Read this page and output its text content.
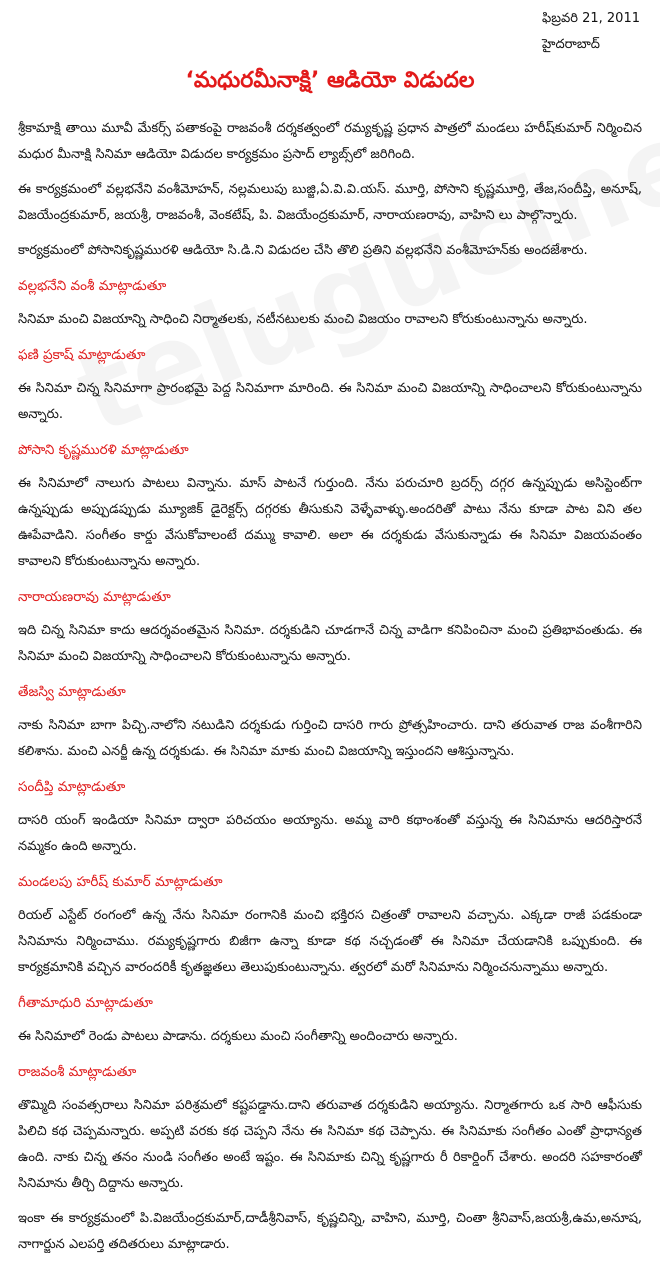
ఫిబ్రవరి 21, 2011
హైదరాబాద్
‘మధురమీనాక్షి’ ఆడియో విడుదల

శ్రీకామాక్షి తాయి మూవీ మేకర్స్ పతాకంపై రాజవంశీ దర్శకత్వంలో రమ్యకృష్ణ ప్రధాన పాత్రలో మండలు హరీష్‌కుమార్ నిర్మించిన మధుర మీనాక్షి సినిమా ఆడియో విడుదల కార్యక్రమం ప్రసాద్ ల్యాబ్స్‌లో జరిగింది.

ఈ కార్యక్రమంలో వల్లభనేని వంశీమోహన్, నల్లమలుపు బుజ్జి,ఏ.వి.వి.యస్. మూర్తి, పోసాని కృష్ణమూర్తి, తేజ,సందీప్తి, అనూష్, విజయేంద్రకుమార్, జయశ్రీ, రాజవంశీ, వెంకటేష్, పి. విజయేంద్రకుమార్, నారాయణరావు, వాహిని లు పాల్గొన్నారు.

కార్యక్రమంలో పోసానికృష్ణమురళి ఆడియో సి.డి.ని విడుదల చేసి తొలి ప్రతిని వల్లభనేని వంశీమోహన్‌కు అందజేశారు.

వల్లభనేని వంశీ మాట్లాడుతూ

సినిమా మంచి విజయాన్ని సాధించి నిర్మాతలకు, నటీనటులకు మంచి విజయం రావాలని కోరుకుంటున్నాను అన్నారు.

ఫణి ప్రకాష్ మాట్లాడుతూ

ఈ సినిమా చిన్న సినిమాగా ప్రారంభమై పెద్ద సినిమాగా మారింది. ఈ సినిమా మంచి విజయాన్ని సాధించాలని కోరుకుంటున్నాను అన్నారు.

పోసాని కృష్ణమురళి మాట్లాడుతూ

ఈ సినిమాలో నాలుగు పాటలు విన్నాను. మాస్ పాటనే గుర్తుంది. నేను పరుచూరి బ్రదర్స్ దగ్గర ఉన్నప్పుడు అసిస్టెంట్‌గా ఉన్నప్పుడు అప్పుడప్పుడు మ్యూజిక్ డైరెక్టర్స్ దగ్గరకు తీసుకుని వెళ్ళేవాళ్ళు.అందరితో పాటు నేను కూడా పాట విని తల ఊపేవాడిని. సంగీతం కార్డు వేసుకోవాలంటే దమ్ము కావాలి. అలా ఈ దర్శకుడు వేసుకున్నాడు ఈ సినిమా విజయవంతం కావాలని కోరుకుంటున్నాను అన్నారు.

నారాయణరావు మాట్లాడుతూ

ఇది చిన్న సినిమా కాదు ఆదర్శవంతమైన సినిమా. దర్శకుడిని చూడగానే చిన్న వాడిగా కనిపించినా మంచి ప్రతిభావంతుడు. ఈ సినిమా మంచి విజయాన్ని సాధించాలని కోరుకుంటున్నాను అన్నారు.

తేజస్వి మాట్లాడుతూ

నాకు సినిమా బాగా పిచ్చి.నాలోని నటుడిని దర్శకుడు గుర్తించి దాసరి గారు ప్రోత్సహించారు. దాని తరువాత రాజ వంశీగారిని కలిశాను. మంచి ఎనర్జీ ఉన్న దర్శకుడు. ఈ సినిమా మాకు మంచి విజయాన్ని ఇస్తుందని ఆశిస్తున్నాను.

సందీప్తి మాట్లాడుతూ

దాసరి యంగ్ ఇండియా సినిమా ద్వారా పరిచయం అయ్యాను. అమ్మ వారి కథాంశంతో వస్తున్న ఈ సినిమాను ఆదరిస్తారనే నమ్మకం ఉంది అన్నారు.

మండలపు హరీష్ కుమార్ మాట్లాడుతూ

రియల్ ఎస్టేట్ రంగంలో ఉన్న నేను సినిమా రంగానికి మంచి భక్తిరస చిత్రంతో రావాలని వచ్చాను. ఎక్కడా రాజీ పడకుండా సినిమాను నిర్మించాము. రమ్యకృష్ణగారు బిజీగా ఉన్నా కూడా కథ నచ్చడంతో ఈ సినిమా చేయడానికి ఒప్పుకుంది. ఈ కార్యక్రమానికి వచ్చిన వారందరికీ కృతజ్ఞతలు తెలుపుకుంటున్నాను. త్వరలో మరో సినిమాను నిర్మించనున్నాము అన్నారు.

గీతామాధురి మాట్లాడుతూ

ఈ సినిమాలో రెండు పాటలు పాడాను. దర్శకులు మంచి సంగీతాన్ని అందించారు అన్నారు.

రాజవంశీ మాట్లాడుతూ

తొమ్మిది సంవత్సరాలు సినిమా పరిశ్రమలో కష్టపడ్డాను.దాని తరువాత దర్శకుడిని అయ్యాను. నిర్మాతగారు ఒక సారి ఆఫీసుకు పిలిచి కథ చెప్పమన్నారు. అప్పటి వరకు కథ చెప్పని నేను ఈ సినిమా కథ చెప్పాను. ఈ సినిమాకు సంగీతం ఎంతో ప్రాధాన్యత ఉంది. నాకు చిన్న తనం నుండి సంగీతం అంటే ఇష్టం. ఈ సినిమాకు చిన్ని కృష్ణగారు రీ రికార్డింగ్ చేశారు. అందరి సహకారంతో సినిమాను తీర్చి దిద్దాను అన్నారు.

ఇంకా ఈ కార్యక్రమంలో పి.విజయేంద్రకుమార్,దాడీశ్రీనివాస్, కృష్ణచిన్ని, వాహిని, మూర్తి, చింతా శ్రీనివాస్,జయశ్రీ,ఉమ,అనూష, నాగార్జున ఎలపర్తి తదితరులు మాట్లాడారు.
